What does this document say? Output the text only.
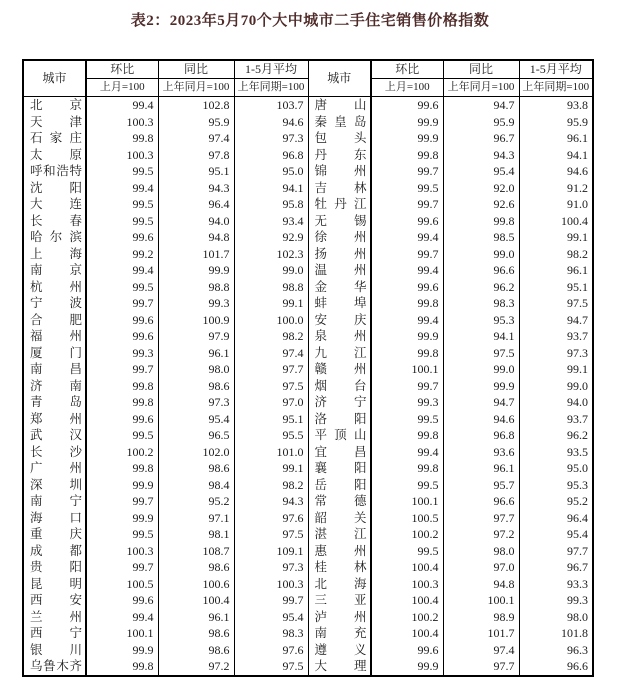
表2：2023年5月70个大中城市二手住宅销售价格指数
城市	环比	同比	1-5月平均	城市	环比	同比	1-5月平均
	上月=100	上年同月=100	上年同期=100		上月=100	上年同月=100	上年同期=100

北 京	99.4	102.8	103.7	唐 山	99.6	94.7	93.8

天 津	100.3	95.9	94.6	秦 皇 岛	99.9	95.9	95.9

石 家 庄	99.8	97.4	97.3	包 头	99.9	96.7	96.1

太 原	100.3	97.8	96.8	丹 东	99.8	94.3	94.1

呼 和 浩 特	99.5	95.1	95.0	锦 州	99.7	95.4	94.6

沈 阳	99.4	94.3	94.1	吉 林	99.5	92.0	91.2

大 连	99.5	96.4	95.8	牡 丹 江	99.7	92.6	91.0

长 春	99.5	94.0	93.4	无 锡	99.6	99.8	100.4

哈 尔 滨	99.6	94.8	92.9	徐 州	99.4	98.5	99.1

上 海	99.2	101.7	102.3	扬 州	99.7	99.0	98.2

南 京	99.4	99.9	99.0	温 州	99.4	96.6	96.1

杭 州	99.5	98.8	98.8	金 华	99.6	96.2	95.1

宁 波	99.7	99.3	99.1	蚌 埠	99.8	98.3	97.5

合 肥	99.6	100.9	100.0	安 庆	99.4	95.3	94.7

福 州	99.6	97.9	98.2	泉 州	99.9	94.1	93.7

厦 门	99.3	96.1	97.4	九 江	99.8	97.5	97.3

南 昌	99.7	98.0	97.7	赣 州	100.1	99.0	99.1

济 南	99.8	98.6	97.5	烟 台	99.7	99.9	99.0

青 岛	99.8	97.3	97.0	济 宁	99.3	94.7	94.0

郑 州	99.6	95.4	95.1	洛 阳	99.5	94.6	93.7

武 汉	99.5	96.5	95.5	平 顶 山	99.8	96.8	96.2

长 沙	100.2	102.0	101.0	宜 昌	99.4	93.6	93.5

广 州	99.8	98.6	99.1	襄 阳	99.8	96.1	95.0

深 圳	99.9	98.4	98.2	岳 阳	99.5	95.7	95.3

南 宁	99.7	95.2	94.3	常 德	100.1	96.6	95.2

海 口	99.9	97.1	97.6	韶 关	100.5	97.7	96.4

重 庆	99.5	98.1	97.5	湛 江	100.2	97.2	95.4

成 都	100.3	108.7	109.1	惠 州	99.5	98.0	97.7

贵 阳	99.7	98.6	97.3	桂 林	100.4	97.0	96.7

昆 明	100.5	100.6	100.3	北 海	100.3	94.8	93.3

西 安	99.6	100.4	99.7	三 亚	100.4	100.1	99.3

兰 州	99.4	96.1	95.4	泸 州	100.2	98.9	98.0

西 宁	100.1	98.6	98.3	南 充	100.4	101.7	101.8

银 川	99.9	98.6	97.6	遵 义	99.6	97.4	96.3

乌 鲁 木 齐	99.8	97.2	97.5	大 理	99.9	97.7	96.6
